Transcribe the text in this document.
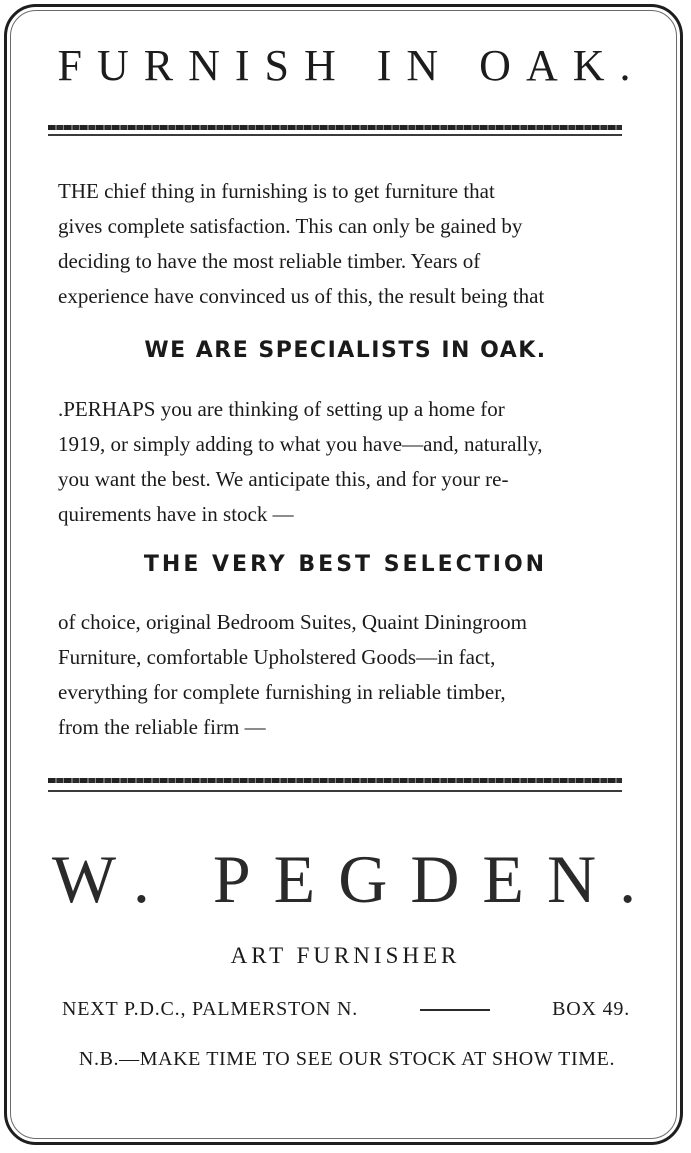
FURNISH IN OAK.
THE chief thing in furnishing is to get furniture that
gives complete satisfaction. This can only be gained by
deciding to have the most reliable timber. Years of
experience have convinced us of this, the result being that
WE ARE SPECIALISTS IN OAK.
.PERHAPS you are thinking of setting up a home for
1919, or simply adding to what you have—and, naturally,
you want the best. We anticipate this, and for your re-
quirements have in stock —
THE VERY BEST SELECTION
of choice, original Bedroom Suites, Quaint Diningroom
Furniture, comfortable Upholstered Goods—in fact,
everything for complete furnishing in reliable timber,
from the reliable firm —
W. PEGDEN.
ART FURNISHER
NEXT P.D.C., PALMERSTON N.	BOX 49.
N.B.—MAKE TIME TO SEE OUR STOCK AT SHOW TIME.
